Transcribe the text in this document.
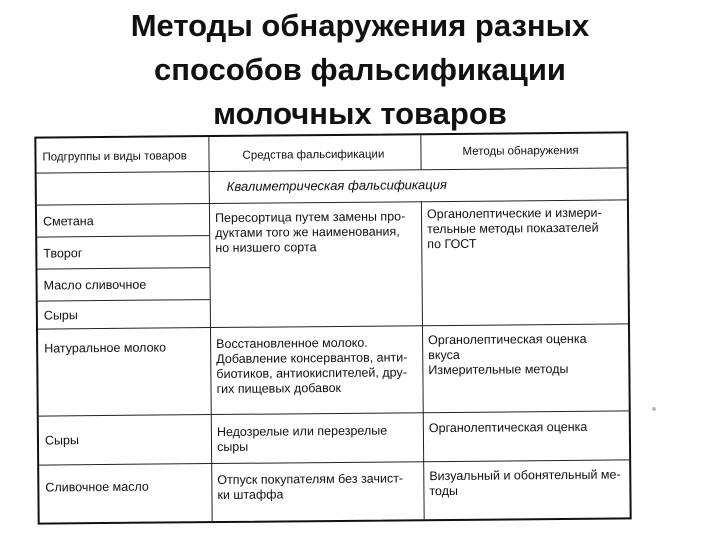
Методы обнаружения разных
способов фальсификации
молочных товаров
Подгруппы и виды товаров	Средства фальсификации	Методы обнаружения
Квалиметрическая фальсификация
Сметана
Творог
Масло сливочное
Сыры
Натуральное молоко
Сыры
Сливочное масло
Пересортица путем замены про-
дуктами того же наименования,
но низшего сорта
Восстановленное молоко.
Добавление консервантов, анти-
биотиков, антиокиспителей, дру-
гих пищевых добавок
Недозрелые или перезрелые
сыры
Отпуск покупателям без зачист-
ки штаффа
Органолептические и измери-
тельные методы показателей
по ГОСТ
Органолептическая оценка
вкуса
Измерительные методы
Органолептическая оценка
Визуальный и обонятельный ме-
тоды
